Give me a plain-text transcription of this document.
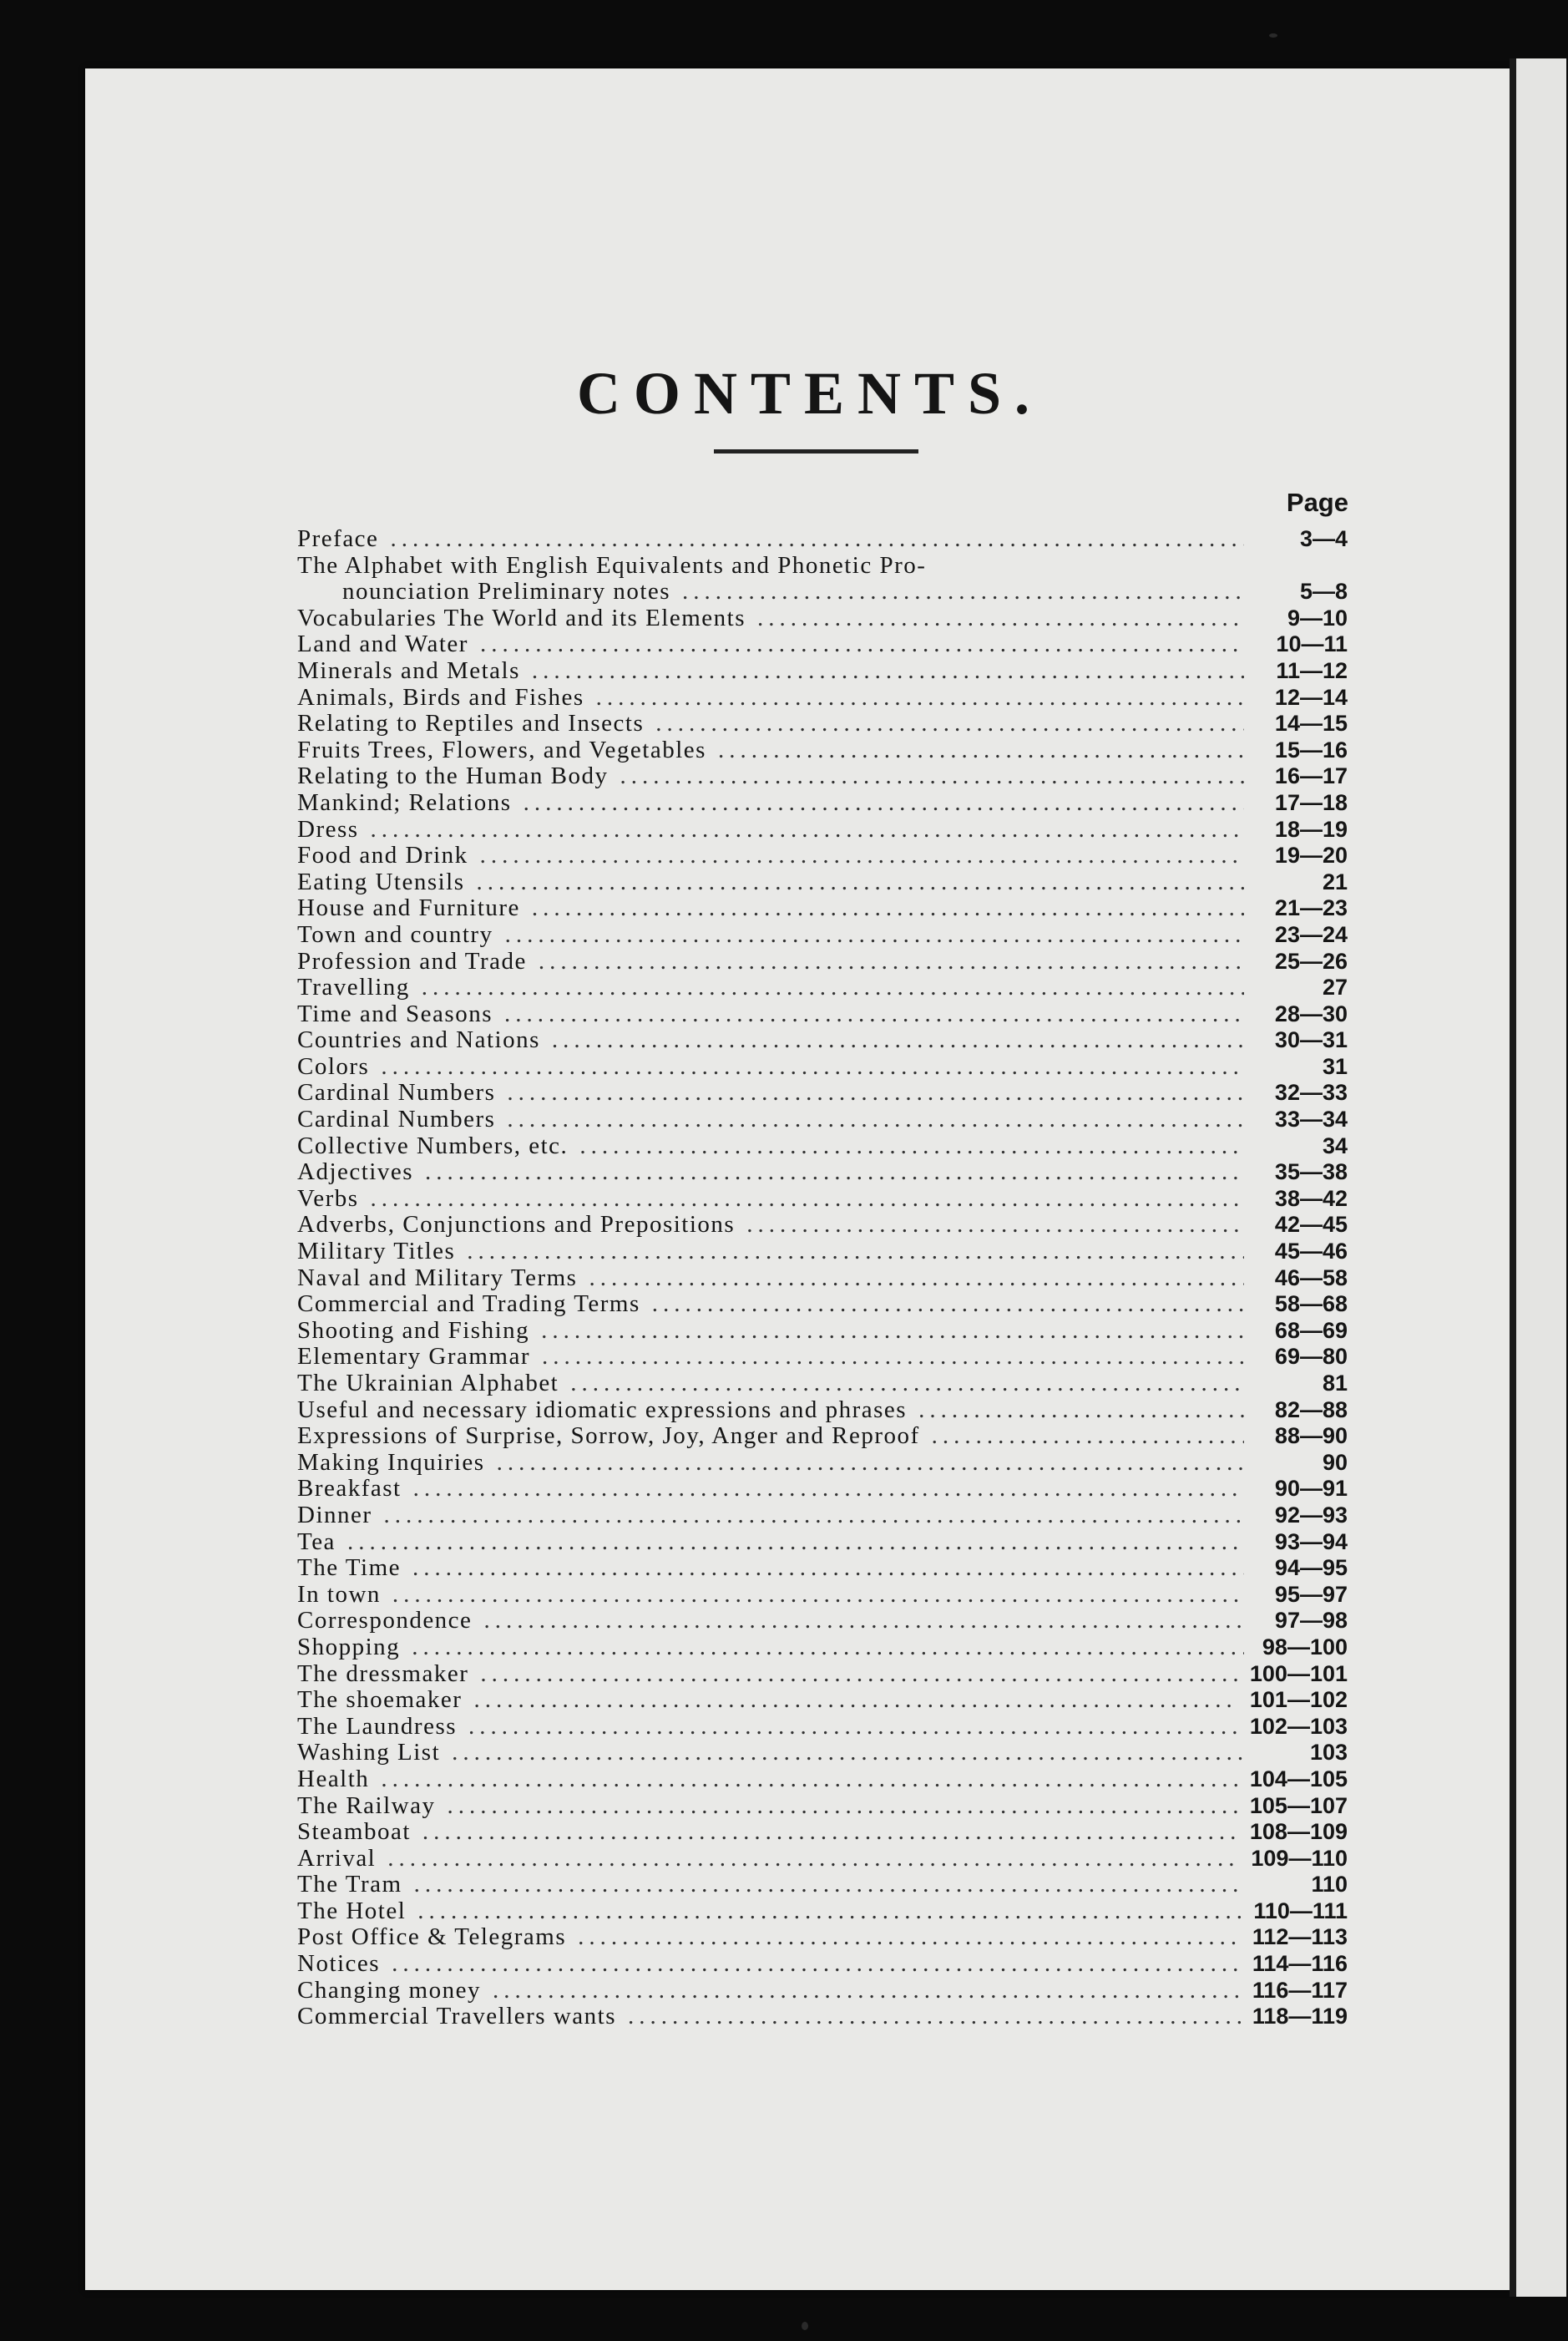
CONTENTS.
Page
Preface .....	3—4
The Alphabet with English Equivalents and Phonetic Pro-
nounciation Preliminary notes .....	5—8
Vocabularies The World and its Elements .....	9—10
Land and Water .....	10—11
Minerals and Metals .....	11—12
Animals, Birds and Fishes .....	12—14
Relating to Reptiles and Insects .....	14—15
Fruits Trees, Flowers, and Vegetables .....	15—16
Relating to the Human Body .....	16—17
Mankind; Relations .....	17—18
Dress .....	18—19
Food and Drink .....	19—20
Eating Utensils .....	21
House and Furniture .....	21—23
Town and country .....	23—24
Profession and Trade .....	25—26
Travelling .....	27
Time and Seasons .....	28—30
Countries and Nations .....	30—31
Colors .....	31
Cardinal Numbers .....	32—33
Cardinal Numbers .....	33—34
Collective Numbers, etc. .....	34
Adjectives .....	35—38
Verbs .....	38—42
Adverbs, Conjunctions and Prepositions .....	42—45
Military Titles .....	45—46
Naval and Military Terms .....	46—58
Commercial and Trading Terms .....	58—68
Shooting and Fishing .....	68—69
Elementary Grammar .....	69—80
The Ukrainian Alphabet .....	81
Useful and necessary idiomatic expressions and phrases .....	82—88
Expressions of Surprise, Sorrow, Joy, Anger and Reproof .....	88—90
Making Inquiries .....	90
Breakfast .....	90—91
Dinner .....	92—93
Tea .....	93—94
The Time .....	94—95
In town .....	95—97
Correspondence .....	97—98
Shopping .....	98—100
The dressmaker .....	100—101
The shoemaker .....	101—102
The Laundress .....	102—103
Washing List .....	103
Health .....	104—105
The Railway .....	105—107
Steamboat .....	108—109
Arrival .....	109—110
The Tram .....	110
The Hotel .....	110—111
Post Office & Telegrams .....	112—113
Notices .....	114—116
Changing money .....	116—117
Commercial Travellers wants .....	118—119
